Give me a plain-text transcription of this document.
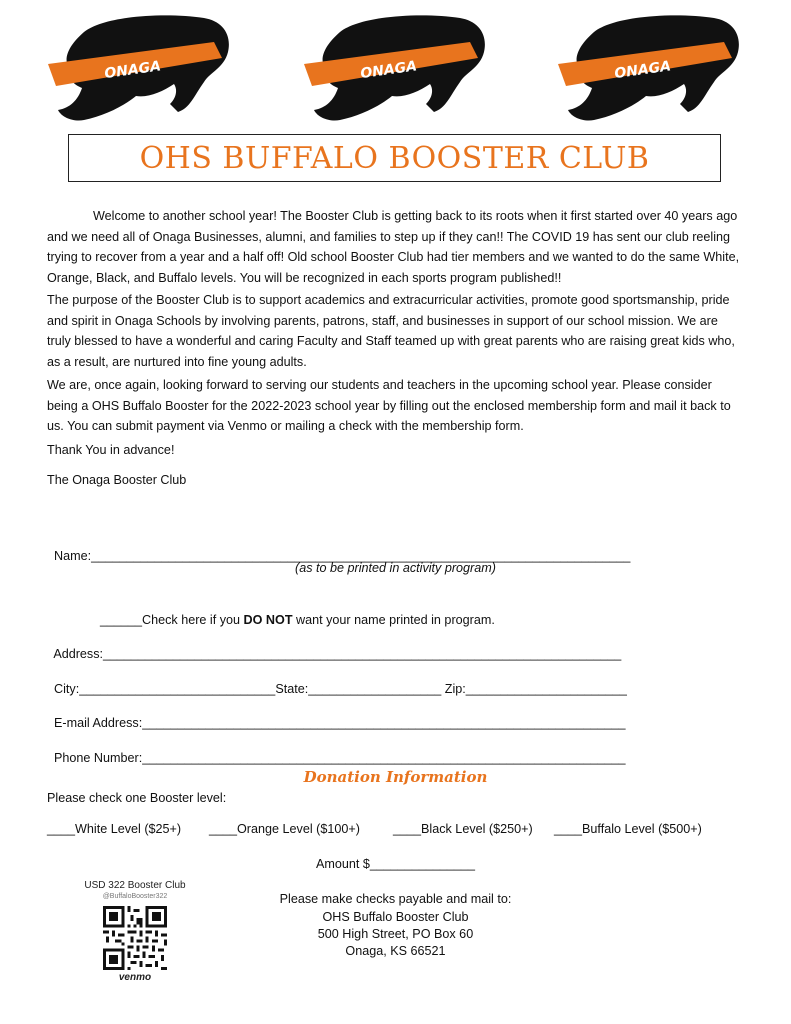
ONAGA	ONAGA	ONAGA
OHS BUFFALO BOOSTER CLUB

Welcome to another school year! The Booster Club is getting back to its roots when it first started over 40 years ago and we need all of Onaga Businesses, alumni, and families to step up if they can!! The COVID 19 has sent our club reeling trying to recover from a year and a half off! Old school Booster Club had tier members and we wanted to do the same White, Orange, Black, and Buffalo levels. You will be recognized in each sports program published!!

The purpose of the Booster Club is to support academics and extracurricular activities, promote good sportsmanship, pride and spirit in Onaga Schools by involving parents, patrons, staff, and businesses in support of our school mission. We are truly blessed to have a wonderful and caring Faculty and Staff teamed up with great parents who are raising great kids who, as a result, are nurtured into fine young adults.

We are, once again, looking forward to serving our students and teachers in the upcoming school year. Please consider being a OHS Buffalo Booster for the 2022-2023 school year by filling out the enclosed membership form and mail it back to us. You can submit payment via Venmo or mailing a check with the membership form.

Thank You in advance!

The Onaga Booster Club

Name:_____________________________________________________________________________

(as to be printed in activity program)

______Check here if you DO NOT want your name printed in program.

Address:__________________________________________________________________________

City:____________________________State:___________________ Zip:_______________________

E-mail Address:_____________________________________________________________________

Phone Number:_____________________________________________________________________

Donation Information
Please check one Booster level:
____White Level ($25+) ____Orange Level ($100+)	____Black Level ($250+) ____Buffalo Level ($500+)
Amount $_______________
Please make checks payable and mail to:
OHS Buffalo Booster Club
500 High Street, PO Box 60
Onaga, KS 66521
USD 322 Booster Club
@BuffaloBooster322
venmo
